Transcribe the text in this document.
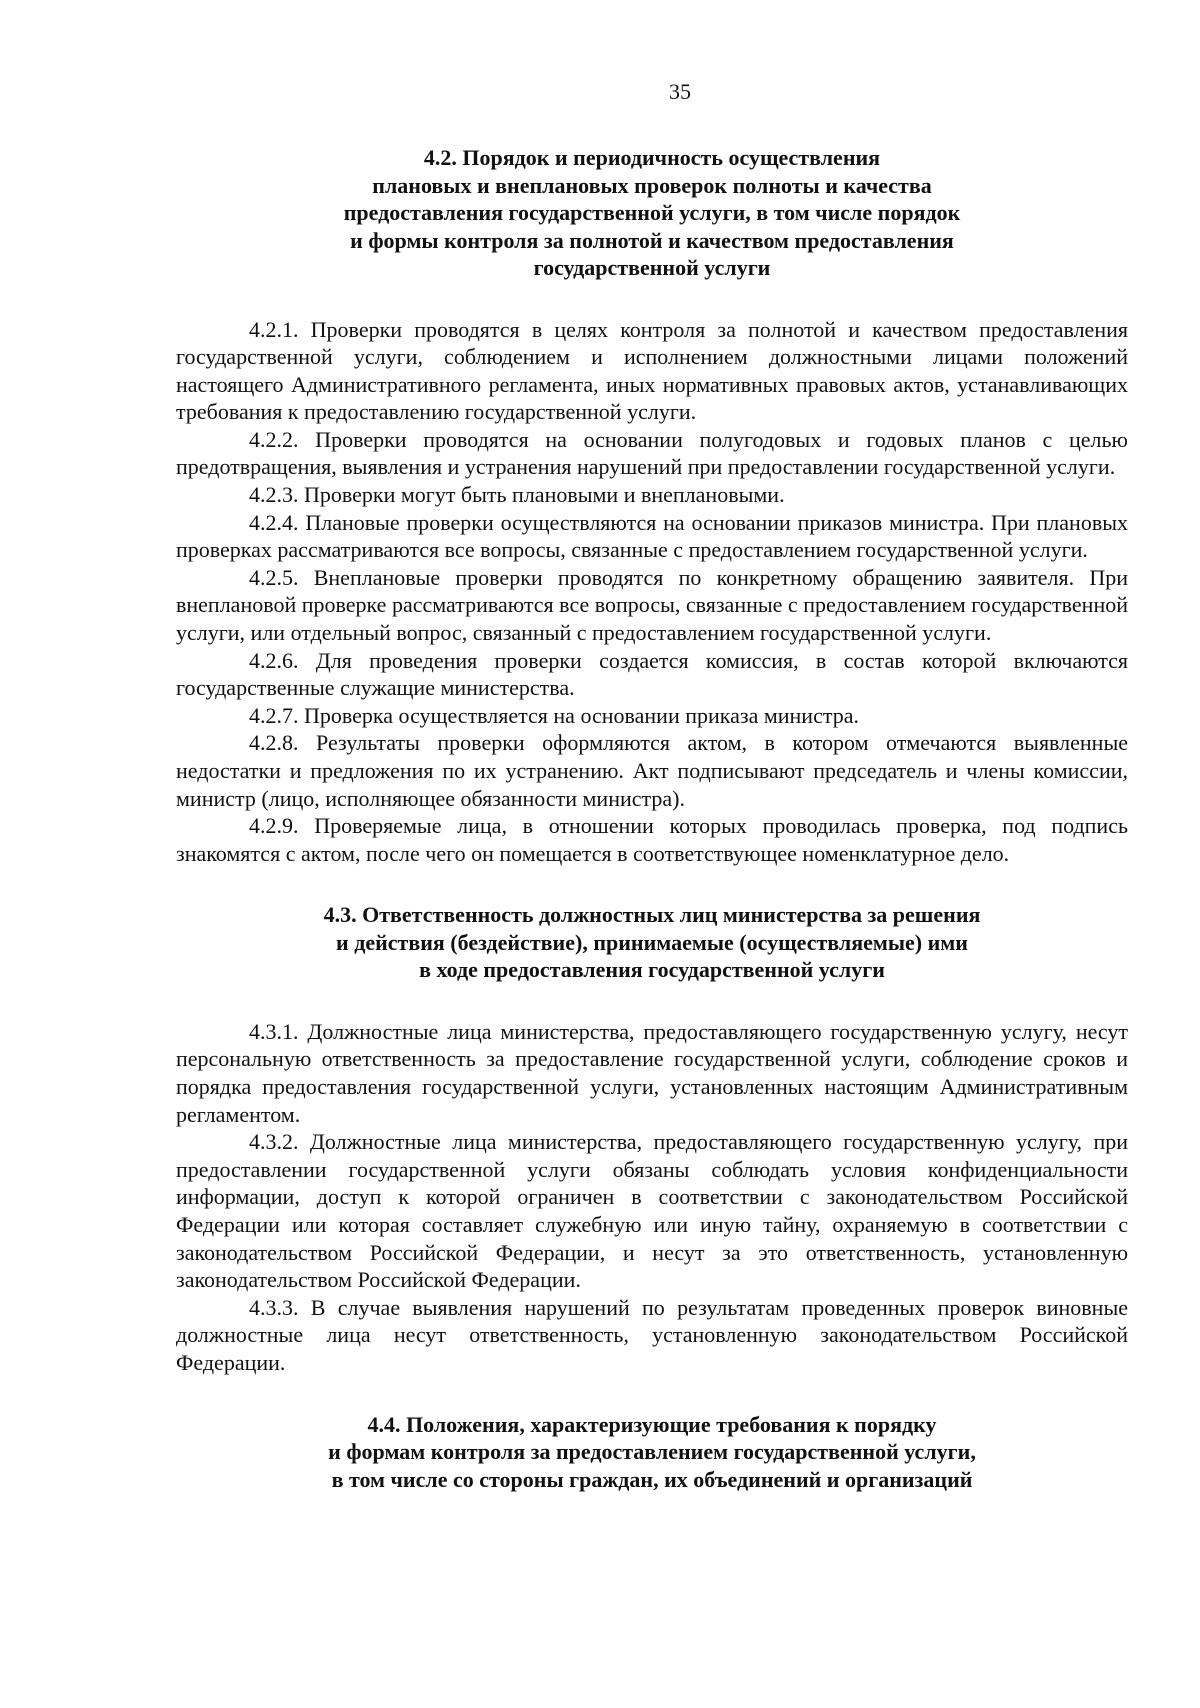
35
4.2. Порядок и периодичность осуществления
плановых и внеплановых проверок полноты и качества
предоставления государственной услуги, в том числе порядок
и формы контроля за полнотой и качеством предоставления
государственной услуги

4.2.1. Проверки проводятся в целях контроля за полнотой и качеством предоставления государственной услуги, соблюдением и исполнением должностными лицами положений настоящего Административного регламента, иных нормативных правовых актов, устанавливающих требования к предоставлению государственной услуги.

4.2.2. Проверки проводятся на основании полугодовых и годовых планов с целью предотвращения, выявления и устранения нарушений при предоставлении государственной услуги.

4.2.3. Проверки могут быть плановыми и внеплановыми.

4.2.4. Плановые проверки осуществляются на основании приказов министра. При плановых проверках рассматриваются все вопросы, связанные с предоставлением государственной услуги.

4.2.5. Внеплановые проверки проводятся по конкретному обращению заявителя. При внеплановой проверке рассматриваются все вопросы, связанные с предоставлением государственной услуги, или отдельный вопрос, связанный с предоставлением государственной услуги.

4.2.6. Для проведения проверки создается комиссия, в состав которой включаются государственные служащие министерства.

4.2.7. Проверка осуществляется на основании приказа министра.

4.2.8. Результаты проверки оформляются актом, в котором отмечаются выявленные недостатки и предложения по их устранению. Акт подписывают председатель и члены комиссии, министр (лицо, исполняющее обязанности министра).

4.2.9. Проверяемые лица, в отношении которых проводилась проверка, под подпись знакомятся с актом, после чего он помещается в соответствующее номенклатурное дело.

4.3. Ответственность должностных лиц министерства за решения
и действия (бездействие), принимаемые (осуществляемые) ими
в ходе предоставления государственной услуги

4.3.1. Должностные лица министерства, предоставляющего государственную услугу, несут персональную ответственность за предоставление государственной услуги, соблюдение сроков и порядка предоставления государственной услуги, установленных настоящим Административным регламентом.

4.3.2. Должностные лица министерства, предоставляющего государственную услугу, при предоставлении государственной услуги обязаны соблюдать условия конфиденциальности информации, доступ к которой ограничен в соответствии с законодательством Российской Федерации или которая составляет служебную или иную тайну, охраняемую в соответствии с законодательством Российской Федерации, и несут за это ответственность, установленную законодательством Российской Федерации.

4.3.3. В случае выявления нарушений по результатам проведенных проверок виновные должностные лица несут ответственность, установленную законодательством Российской Федерации.

4.4. Положения, характеризующие требования к порядку
и формам контроля за предоставлением государственной услуги,
в том числе со стороны граждан, их объединений и организаций
